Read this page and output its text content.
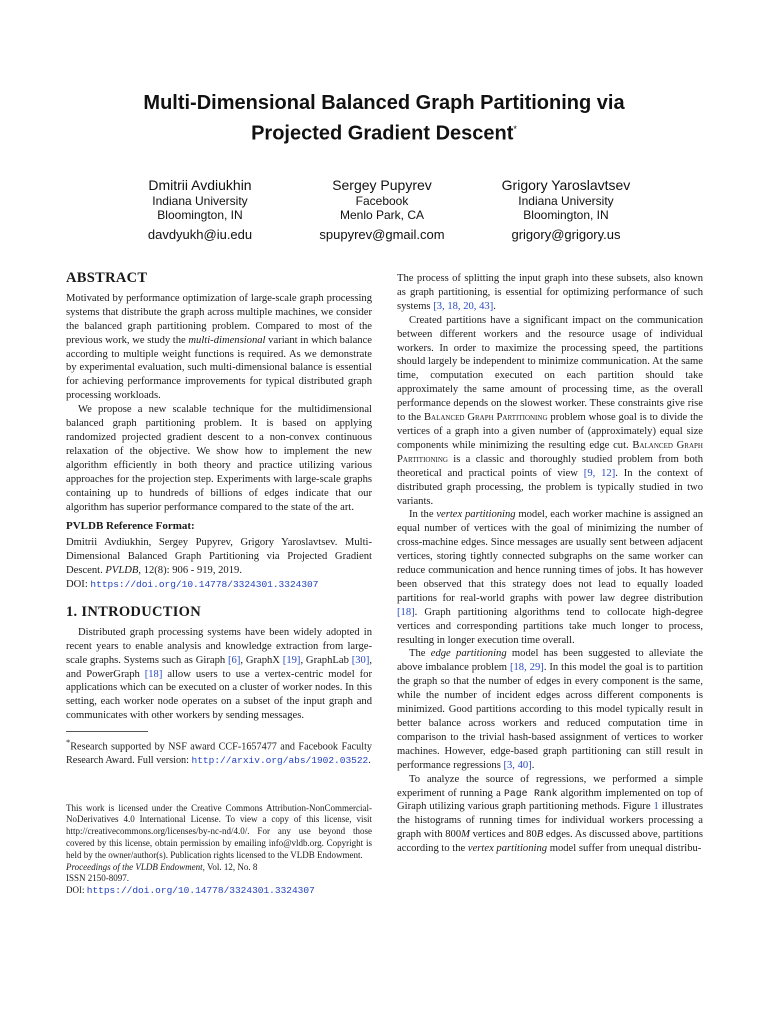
Multi-Dimensional Balanced Graph Partitioning via
Projected Gradient Descent*
Dmitrii Avdiukhin
Indiana University
Bloomington, IN
davdyukh@iu.edu
Sergey Pupyrev
Facebook
Menlo Park, CA
spupyrev@gmail.com
Grigory Yaroslavtsev
Indiana University
Bloomington, IN
grigory@grigory.us
ABSTRACT

Motivated by performance optimization of large-scale graph processing systems that distribute the graph across multiple machines, we consider the balanced graph partitioning problem. Compared to most of the previous work, we study the multi-dimensional variant in which balance according to multiple weight functions is required. As we demonstrate by experimental evaluation, such multi-dimensional balance is essential for achieving performance improvements for typical distributed graph processing workloads.

We propose a new scalable technique for the multidimensional balanced graph partitioning problem. It is based on applying randomized projected gradient descent to a non-convex continuous relaxation of the objective. We show how to implement the new algorithm efficiently in both theory and practice utilizing various approaches for the projection step. Experiments with large-scale graphs containing up to hundreds of billions of edges indicate that our algorithm has superior performance compared to the state of the art.

PVLDB Reference Format:

Dmitrii Avdiukhin, Sergey Pupyrev, Grigory Yaroslavtsev. Multi-Dimensional Balanced Graph Partitioning via Projected Gradient Descent. PVLDB, 12(8): 906 - 919, 2019.
DOI: https://doi.org/10.14778/3324301.3324307

1. INTRODUCTION

Distributed graph processing systems have been widely adopted in recent years to enable analysis and knowledge extraction from large-scale graphs. Systems such as Giraph [6], GraphX [19], GraphLab [30], and PowerGraph [18] allow users to use a vertex-centric model for applications which can be executed on a cluster of worker nodes. In this setting, each worker node operates on a subset of the input graph and communicates with other workers by sending messages.

*Research supported by NSF award CCF-1657477 and Facebook Faculty Research Award. Full version: http://arxiv.org/abs/1902.03522.

This work is licensed under the Creative Commons Attribution-NonCommercial-NoDerivatives 4.0 International License. To view a copy of this license, visit http://creativecommons.org/licenses/by-nc-nd/4.0/. For any use beyond those covered by this license, obtain permission by emailing info@vldb.org. Copyright is held by the owner/author(s). Publication rights licensed to the VLDB Endowment.

Proceedings of the VLDB Endowment, Vol. 12, No. 8

ISSN 2150-8097.

DOI: https://doi.org/10.14778/3324301.3324307

The process of splitting the input graph into these subsets, also known as graph partitioning, is essential for optimizing performance of such systems [3, 18, 20, 43].

Created partitions have a significant impact on the communication between different workers and the resource usage of individual workers. In order to maximize the processing speed, the partitions should largely be independent to minimize communication. At the same time, computation executed on each partition should take approximately the same amount of processing time, as the overall performance depends on the slowest worker. These constraints give rise to the Balanced Graph Partitioning problem whose goal is to divide the vertices of a graph into a given number of (approximately) equal size components while minimizing the resulting edge cut. Balanced Graph Partitioning is a classic and thoroughly studied problem from both theoretical and practical points of view [9, 12]. In the context of distributed graph processing, the problem is typically studied in two variants.

In the vertex partitioning model, each worker machine is assigned an equal number of vertices with the goal of minimizing the number of cross-machine edges. Since messages are usually sent between adjacent vertices, storing tightly connected subgraphs on the same worker can reduce communication and hence running times of jobs. It has however been observed that this strategy does not lead to equally loaded partitions for real-world graphs with power law degree distribution [18]. Graph partitioning algorithms tend to collocate high-degree vertices and corresponding partitions take much longer to process, resulting in longer execution time overall.

The edge partitioning model has been suggested to alleviate the above imbalance problem [18, 29]. In this model the goal is to partition the graph so that the number of edges in every component is the same, while the number of incident edges across different components is minimized. Good partitions according to this model typically result in better balance across workers and reduced computation time in comparison to the trivial hash-based assignment of vertices to worker machines. However, edge-based graph partitioning can still result in performance regressions [3, 40].

To analyze the source of regressions, we performed a simple experiment of running a Page Rank algorithm implemented on top of Giraph utilizing various graph partitioning methods. Figure 1 illustrates the histograms of running times for individual workers processing a graph with 800M vertices and 80B edges. As discussed above, partitions according to the vertex partitioning model suffer from unequal distribu-
